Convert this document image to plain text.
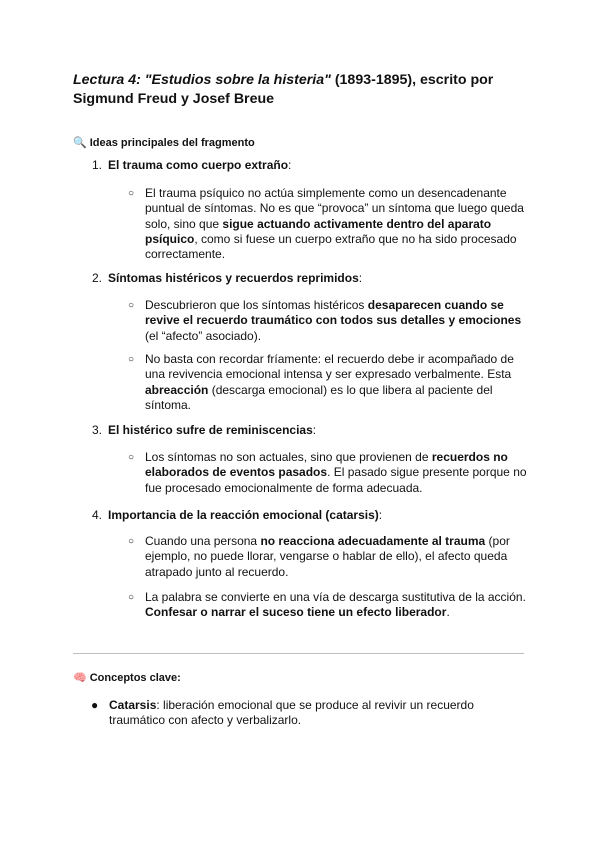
Lectura 4: "Estudios sobre la histeria" (1893-1895), escrito por Sigmund Freud y Josef Breue

🔍 Ideas principales del fragmento

1. El trauma como cuerpo extraño:

○ El trauma psíquico no actúa simplemente como un desencadenante puntual de síntomas. No es que “provoca” un síntoma que luego queda solo, sino que sigue actuando activamente dentro del aparato psíquico, como si fuese un cuerpo extraño que no ha sido procesado correctamente.

2. Síntomas histéricos y recuerdos reprimidos:

○ Descubrieron que los síntomas histéricos desaparecen cuando se revive el recuerdo traumático con todos sus detalles y emociones (el “afecto” asociado).

○ No basta con recordar fríamente: el recuerdo debe ir acompañado de una revivencia emocional intensa y ser expresado verbalmente. Esta abreacción (descarga emocional) es lo que libera al paciente del síntoma.

3. El histérico sufre de reminiscencias:

○ Los síntomas no son actuales, sino que provienen de recuerdos no elaborados de eventos pasados. El pasado sigue presente porque no fue procesado emocionalmente de forma adecuada.

4. Importancia de la reacción emocional (catarsis):

○ Cuando una persona no reacciona adecuadamente al trauma (por ejemplo, no puede llorar, vengarse o hablar de ello), el afecto queda atrapado junto al recuerdo.

○ La palabra se convierte en una vía de descarga sustitutiva de la acción. Confesar o narrar el suceso tiene un efecto liberador.

🧠 Conceptos clave:

● Catarsis: liberación emocional que se produce al revivir un recuerdo traumático con afecto y verbalizarlo.
